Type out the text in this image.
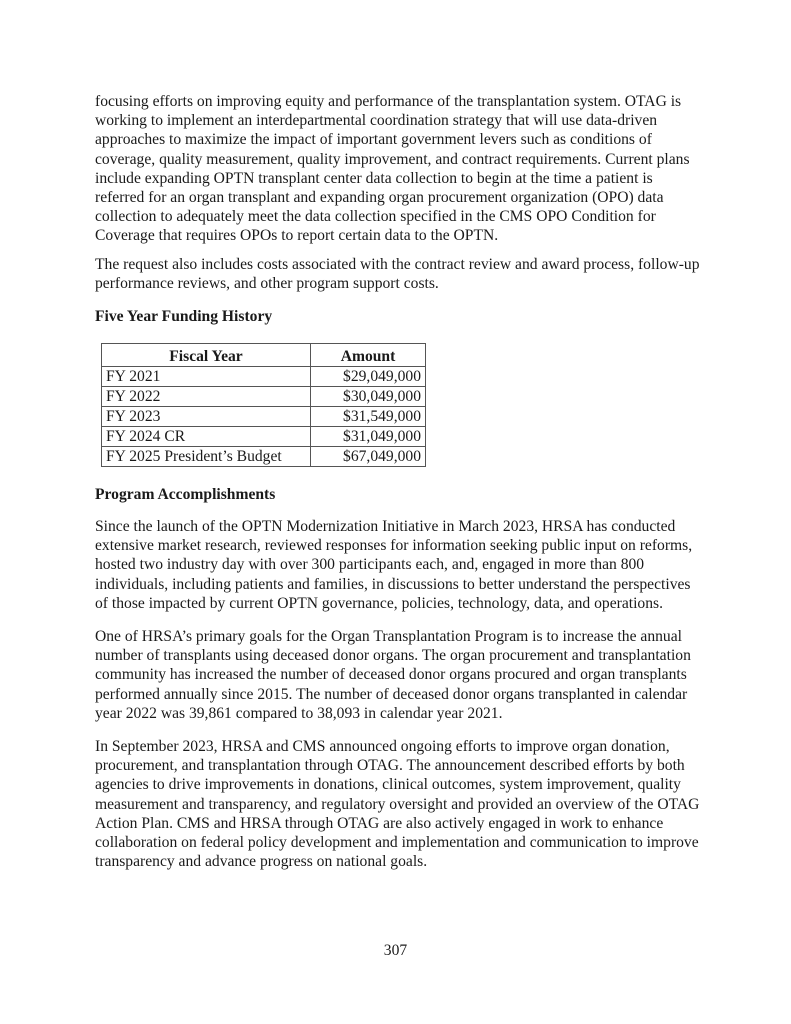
focusing efforts on improving equity and performance of the transplantation system. OTAG is
working to implement an interdepartmental coordination strategy that will use data-driven
approaches to maximize the impact of important government levers such as conditions of
coverage, quality measurement, quality improvement, and contract requirements. Current plans
include expanding OPTN transplant center data collection to begin at the time a patient is
referred for an organ transplant and expanding organ procurement organization (OPO) data
collection to adequately meet the data collection specified in the CMS OPO Condition for
Coverage that requires OPOs to report certain data to the OPTN.
The request also includes costs associated with the contract review and award process, follow-up
performance reviews, and other program support costs.
Five Year Funding History
Fiscal Year	Amount
FY 2021	$29,049,000
FY 2022	$30,049,000
FY 2023	$31,549,000
FY 2024 CR	$31,049,000
FY 2025 President’s Budget	$67,049,000
Program Accomplishments
Since the launch of the OPTN Modernization Initiative in March 2023, HRSA has conducted
extensive market research, reviewed responses for information seeking public input on reforms,
hosted two industry day with over 300 participants each, and, engaged in more than 800
individuals, including patients and families, in discussions to better understand the perspectives
of those impacted by current OPTN governance, policies, technology, data, and operations.
One of HRSA’s primary goals for the Organ Transplantation Program is to increase the annual
number of transplants using deceased donor organs. The organ procurement and transplantation
community has increased the number of deceased donor organs procured and organ transplants
performed annually since 2015. The number of deceased donor organs transplanted in calendar
year 2022 was 39,861 compared to 38,093 in calendar year 2021.
In September 2023, HRSA and CMS announced ongoing efforts to improve organ donation,
procurement, and transplantation through OTAG. The announcement described efforts by both
agencies to drive improvements in donations, clinical outcomes, system improvement, quality
measurement and transparency, and regulatory oversight and provided an overview of the OTAG
Action Plan. CMS and HRSA through OTAG are also actively engaged in work to enhance
collaboration on federal policy development and implementation and communication to improve
transparency and advance progress on national goals.
307
